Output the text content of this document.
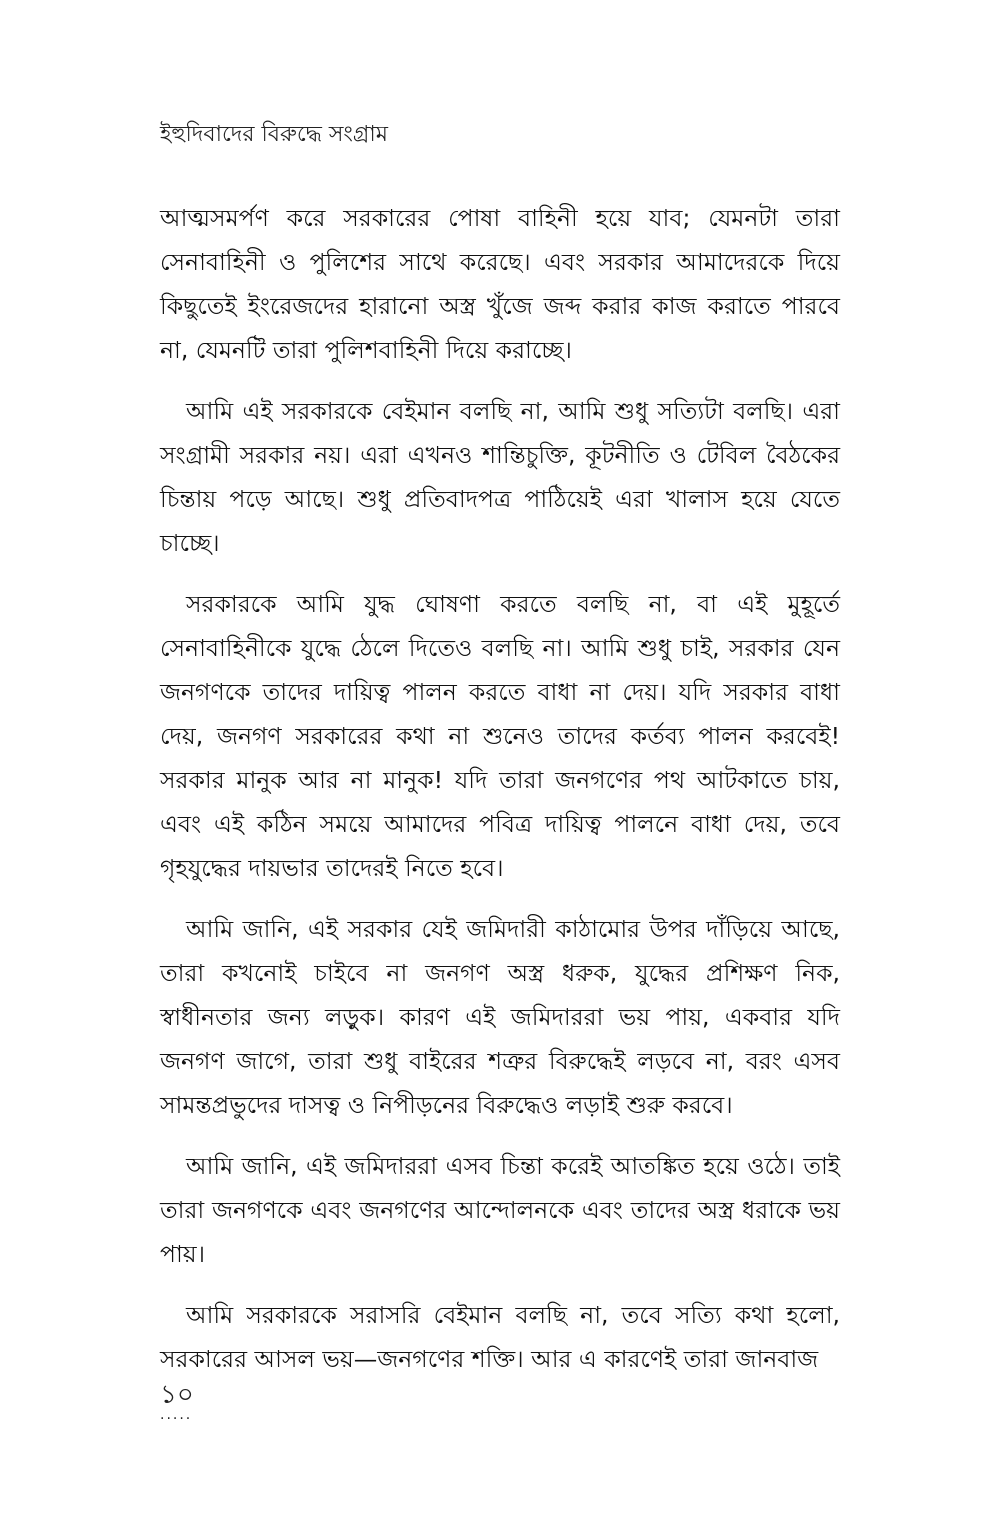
ইহুদিবাদের বিরুদ্ধে সংগ্রাম

আত্মসমর্পণ করে সরকারের পোষা বাহিনী হয়ে যাব; যেমনটা তারা সেনাবাহিনী ও পুলিশের সাথে করেছে। এবং সরকার আমাদেরকে দিয়ে কিছুতেই ইংরেজদের হারানো অস্ত্র খুঁজে জব্দ করার কাজ করাতে পারবে না, যেমনটি তারা পুলিশবাহিনী দিয়ে করাচ্ছে।

আমি এই সরকারকে বেইমান বলছি না, আমি শুধু সত্যিটা বলছি। এরা সংগ্রামী সরকার নয়। এরা এখনও শান্তিচুক্তি, কূটনীতি ও টেবিল বৈঠকের চিন্তায় পড়ে আছে। শুধু প্রতিবাদপত্র পাঠিয়েই এরা খালাস হয়ে যেতে চাচ্ছে।

সরকারকে আমি যুদ্ধ ঘোষণা করতে বলছি না, বা এই মুহূর্তে সেনাবাহিনীকে যুদ্ধে ঠেলে দিতেও বলছি না। আমি শুধু চাই, সরকার যেন জনগণকে তাদের দায়িত্ব পালন করতে বাধা না দেয়। যদি সরকার বাধা দেয়, জনগণ সরকারের কথা না শুনেও তাদের কর্তব্য পালন করবেই! সরকার মানুক আর না মানুক! যদি তারা জনগণের পথ আটকাতে চায়, এবং এই কঠিন সময়ে আমাদের পবিত্র দায়িত্ব পালনে বাধা দেয়, তবে গৃহযুদ্ধের দায়ভার তাদেরই নিতে হবে।

আমি জানি, এই সরকার যেই জমিদারী কাঠামোর উপর দাঁড়িয়ে আছে, তারা কখনোই চাইবে না জনগণ অস্ত্র ধরুক, যুদ্ধের প্রশিক্ষণ নিক, স্বাধীনতার জন্য লড়ুক। কারণ এই জমিদাররা ভয় পায়, একবার যদি জনগণ জাগে, তারা শুধু বাইরের শত্রুর বিরুদ্ধেই লড়বে না, বরং এসব সামন্তপ্রভুদের দাসত্ব ও নিপীড়নের বিরুদ্ধেও লড়াই শুরু করবে।

আমি জানি, এই জমিদাররা এসব চিন্তা করেই আতঙ্কিত হয়ে ওঠে। তাই তারা জনগণকে এবং জনগণের আন্দোলনকে এবং তাদের অস্ত্র ধরাকে ভয় পায়।

আমি সরকারকে সরাসরি বেইমান বলছি না, তবে সত্যি কথা হলো, সরকারের আসল ভয়—জনগণের শক্তি। আর এ কারণেই তারা জানবাজ

১০
.....
